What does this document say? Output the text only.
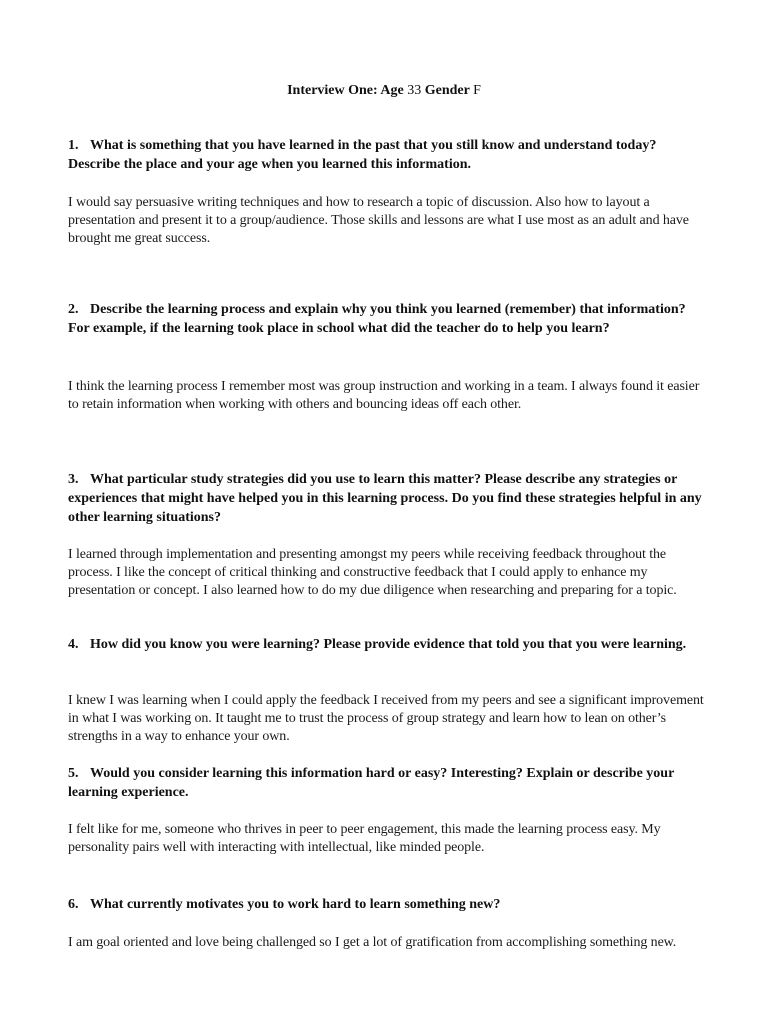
Interview One: Age 33 Gender F
1. What is something that you have learned in the past that you still know and understand today? Describe the place and your age when you learned this information.
I would say persuasive writing techniques and how to research a topic of discussion. Also how to layout a presentation and present it to a group/audience. Those skills and lessons are what I use most as an adult and have brought me great success.
2. Describe the learning process and explain why you think you learned (remember) that information? For example, if the learning took place in school what did the teacher do to help you learn?
I think the learning process I remember most was group instruction and working in a team. I always found it easier to retain information when working with others and bouncing ideas off each other.
3. What particular study strategies did you use to learn this matter? Please describe any strategies or experiences that might have helped you in this learning process. Do you find these strategies helpful in any other learning situations?
I learned through implementation and presenting amongst my peers while receiving feedback throughout the process. I like the concept of critical thinking and constructive feedback that I could apply to enhance my presentation or concept. I also learned how to do my due diligence when researching and preparing for a topic.
4. How did you know you were learning? Please provide evidence that told you that you were learning.
I knew I was learning when I could apply the feedback I received from my peers and see a significant improvement in what I was working on. It taught me to trust the process of group strategy and learn how to lean on other’s strengths in a way to enhance your own.
5. Would you consider learning this information hard or easy? Interesting? Explain or describe your learning experience.
I felt like for me, someone who thrives in peer to peer engagement, this made the learning process easy. My personality pairs well with interacting with intellectual, like minded people.
6. What currently motivates you to work hard to learn something new?
I am goal oriented and love being challenged so I get a lot of gratification from accomplishing something new.
